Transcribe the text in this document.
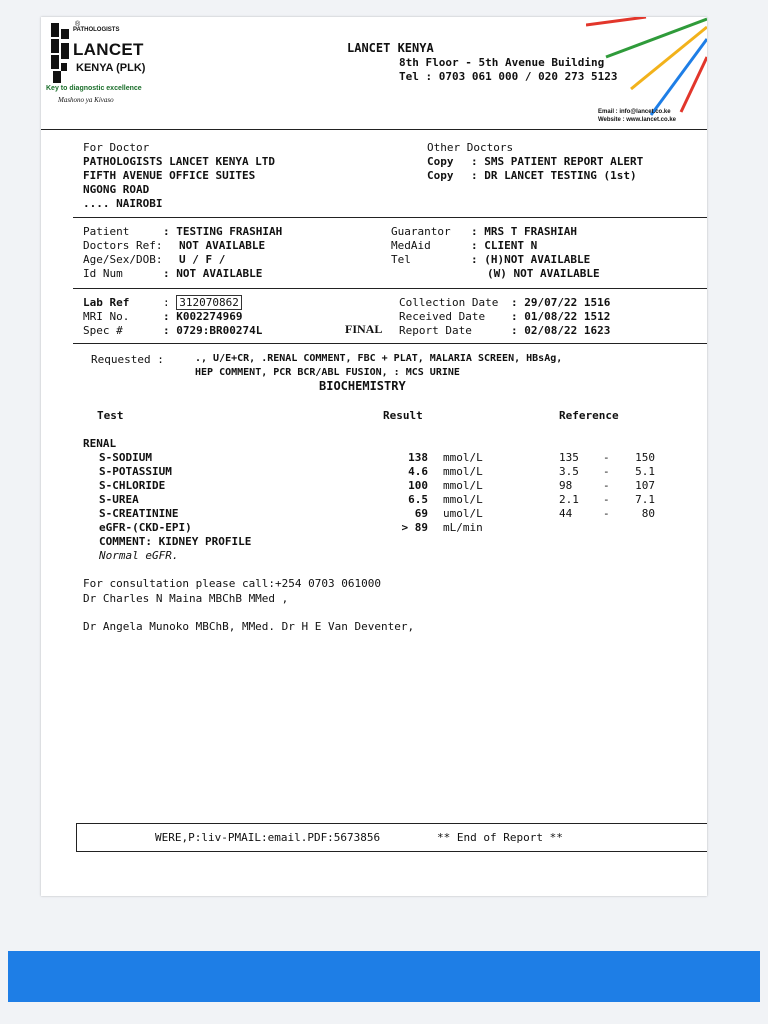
®
PATHOLOGISTS
LANCET
KENYA (PLK)
Key to diagnostic excellence
Mashono ya Kivaso
LANCET KENYA
8th Floor - 5th Avenue Building
Tel : 0703 061 000 / 020 273 5123
Email : info@lancet.co.ke
Website : www.lancet.co.ke
For Doctor
PATHOLOGISTS LANCET KENYA LTD
FIFTH AVENUE OFFICE SUITES
NGONG ROAD
.... NAIROBI
Other Doctors
Copy : SMS PATIENT REPORT ALERT
Copy : DR LANCET TESTING (1st)
Patient	: TESTING FRASHIAH
Doctors Ref: NOT AVAILABLE
Age/Sex/DOB: U / F /
Id Num	: NOT AVAILABLE
Guarantor : MRS T FRASHIAH
MedAid	: CLIENT N
Tel	: (H)NOT AVAILABLE
(W) NOT AVAILABLE
Lab Ref	: 312070862
MRI No.	: K002274969
Spec #	: 0729:BR00274L	FINAL
Collection Date : 29/07/22 1516
Received Date : 01/08/22 1512
Report Date	: 02/08/22 1623
Requested :	., U/E+CR, .RENAL COMMENT, FBC + PLAT, MALARIA SCREEN, HBsAg,
HEP COMMENT, PCR BCR/ABL FUSION, : MCS URINE
BIOCHEMISTRY
Test	Result	Reference
RENAL
S-SODIUM	138 mmol/L	135 - 150
S-POTASSIUM	4.6 mmol/L	3.5 - 5.1
S-CHLORIDE	100 mmol/L	98	- 107
S-UREA	6.5 mmol/L	2.1 - 7.1
S-CREATININE	69 umol/L	44	-	80
eGFR-(CKD-EPI)	> 89 mL/min
COMMENT: KIDNEY PROFILE
Normal eGFR.
For consultation please call:+254 0703 061000
Dr Charles N Maina MBChB MMed ,
Dr Angela Munoko MBChB, MMed. Dr H E Van Deventer,
WERE,P:liv-PMAIL:email.PDF:5673856	** End of Report **
